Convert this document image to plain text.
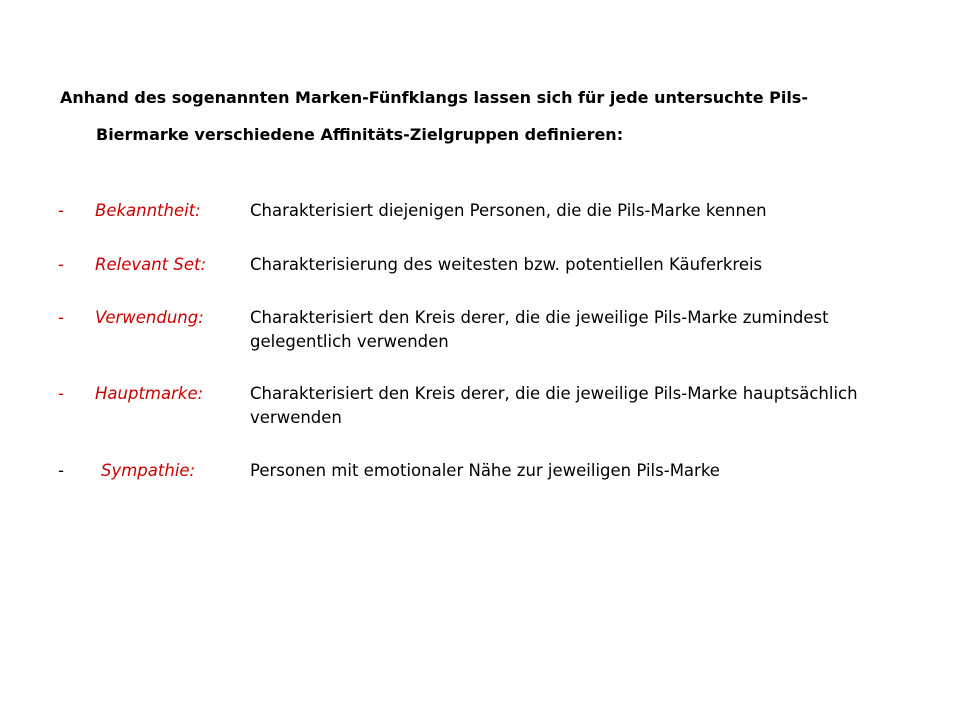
Anhand des sogenannten Marken-Fünfklangs lassen sich für jede untersuchte Pils-
Biermarke verschiedene Affinitäts-Zielgruppen definieren:
- Bekanntheit:	Charakterisiert diejenigen Personen, die die Pils-Marke kennen
- Relevant Set:	Charakterisierung des weitesten bzw. potentiellen Käuferkreis
- Verwendung:	Charakterisiert den Kreis derer, die die jeweilige Pils-Marke zumindest
gelegentlich verwenden
- Hauptmarke:	Charakterisiert den Kreis derer, die die jeweilige Pils-Marke hauptsächlich
verwenden
- Sympathie:	Personen mit emotionaler Nähe zur jeweiligen Pils-Marke
